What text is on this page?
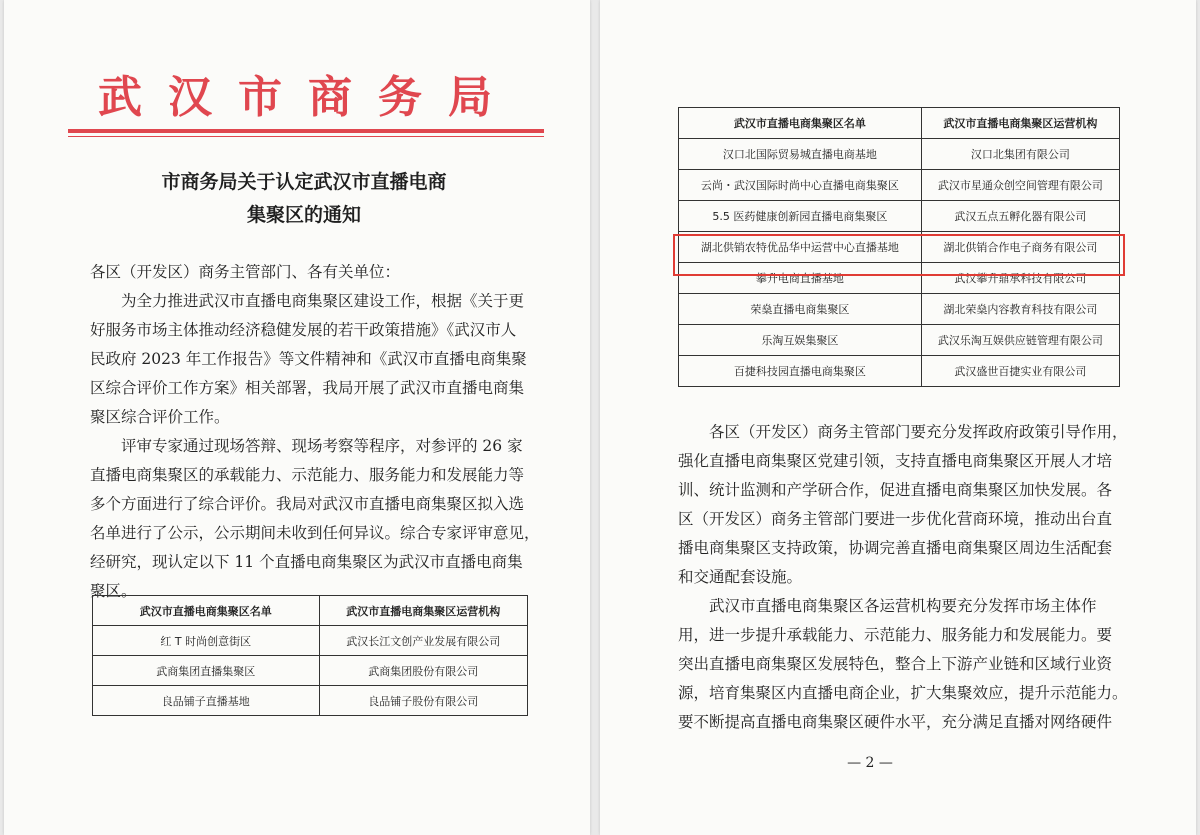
武汉市商务局
市商务局关于认定武汉市直播电商
集聚区的通知
各区（开发区）商务主管部门、各有关单位：
　　为全力推进武汉市直播电商集聚区建设工作，根据《关于更
好服务市场主体推动经济稳健发展的若干政策措施》《武汉市人
民政府 2023 年工作报告》等文件精神和《武汉市直播电商集聚
区综合评价工作方案》相关部署，我局开展了武汉市直播电商集
聚区综合评价工作。
　　评审专家通过现场答辩、现场考察等程序，对参评的 26 家
直播电商集聚区的承载能力、示范能力、服务能力和发展能力等
多个方面进行了综合评价。我局对武汉市直播电商集聚区拟入选
名单进行了公示，公示期间未收到任何异议。综合专家评审意见，
经研究，现认定以下 11 个直播电商集聚区为武汉市直播电商集
聚区。
武汉市直播电商集聚区名单	武汉市直播电商集聚区运营机构
红 T 时尚创意街区	武汉长江文创产业发展有限公司
武商集团直播集聚区	武商集团股份有限公司
良品铺子直播基地	良品铺子股份有限公司
武汉市直播电商集聚区名单	武汉市直播电商集聚区运营机构
汉口北国际贸易城直播电商基地	汉口北集团有限公司
云尚・武汉国际时尚中心直播电商集聚区	武汉市星通众创空间管理有限公司
5.5 医药健康创新园直播电商集聚区	武汉五点五孵化器有限公司
湖北供销农特优品华中运营中心直播基地	湖北供销合作电子商务有限公司
攀升电商直播基地	武汉攀升鼎承科技有限公司
荣燊直播电商集聚区	湖北荣燊内容教育科技有限公司
乐淘互娱集聚区	武汉乐淘互娱供应链管理有限公司
百捷科技园直播电商集聚区	武汉盛世百捷实业有限公司
　　各区（开发区）商务主管部门要充分发挥政府政策引导作用，
强化直播电商集聚区党建引领，支持直播电商集聚区开展人才培
训、统计监测和产学研合作，促进直播电商集聚区加快发展。各
区（开发区）商务主管部门要进一步优化营商环境，推动出台直
播电商集聚区支持政策，协调完善直播电商集聚区周边生活配套
和交通配套设施。
　　武汉市直播电商集聚区各运营机构要充分发挥市场主体作
用，进一步提升承载能力、示范能力、服务能力和发展能力。要
突出直播电商集聚区发展特色，整合上下游产业链和区域行业资
源，培育集聚区内直播电商企业，扩大集聚效应，提升示范能力。
要不断提高直播电商集聚区硬件水平，充分满足直播对网络硬件
— 2 —
